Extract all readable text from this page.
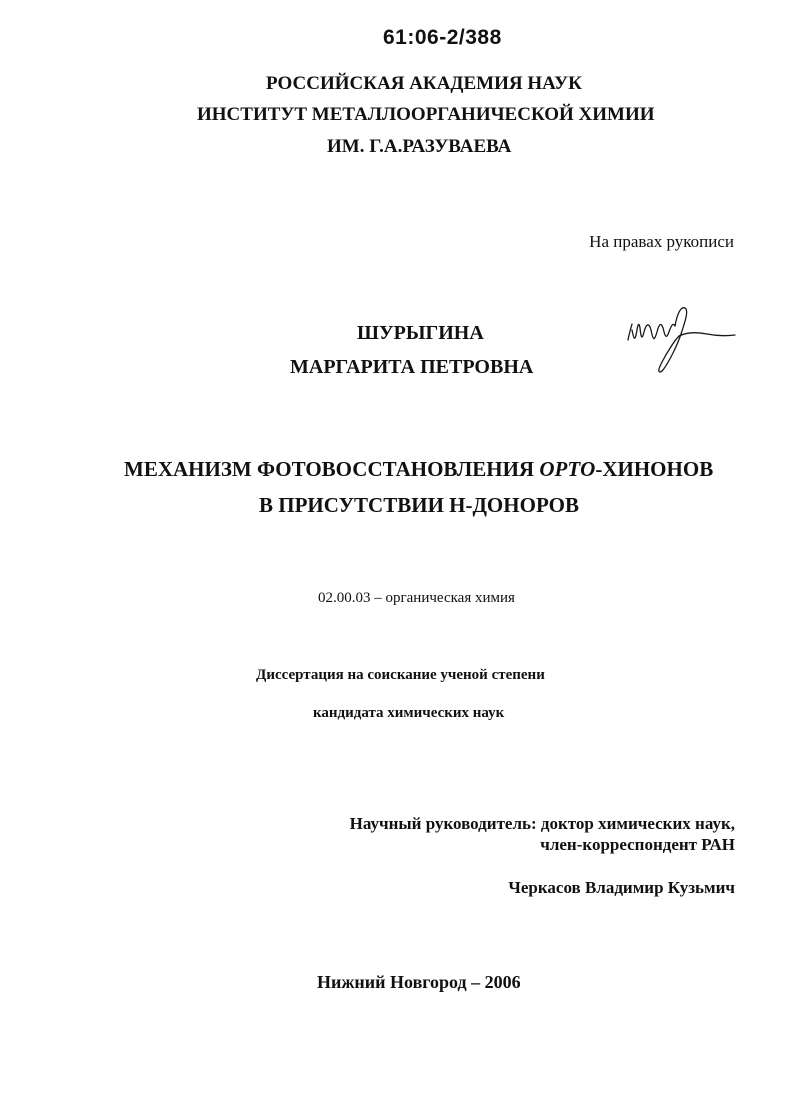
61:06-2/388
РОССИЙСКАЯ АКАДЕМИЯ НАУК
ИНСТИТУТ МЕТАЛЛООРГАНИЧЕСКОЙ ХИМИИ
ИМ. Г.А.РАЗУВАЕВА
На правах рукописи
ШУРЫГИНА
МАРГАРИТА ПЕТРОВНА
МЕХАНИЗМ ФОТОВОССТАНОВЛЕНИЯ ОРТО-ХИНОНОВ
В ПРИСУТСТВИИ Н-ДОНОРОВ
02.00.03 – органическая химия
Диссертация на соискание ученой степени
кандидата химических наук
Научный руководитель: доктор химических наук,
член-корреспондент РАН
Черкасов Владимир Кузьмич
Нижний Новгород – 2006
